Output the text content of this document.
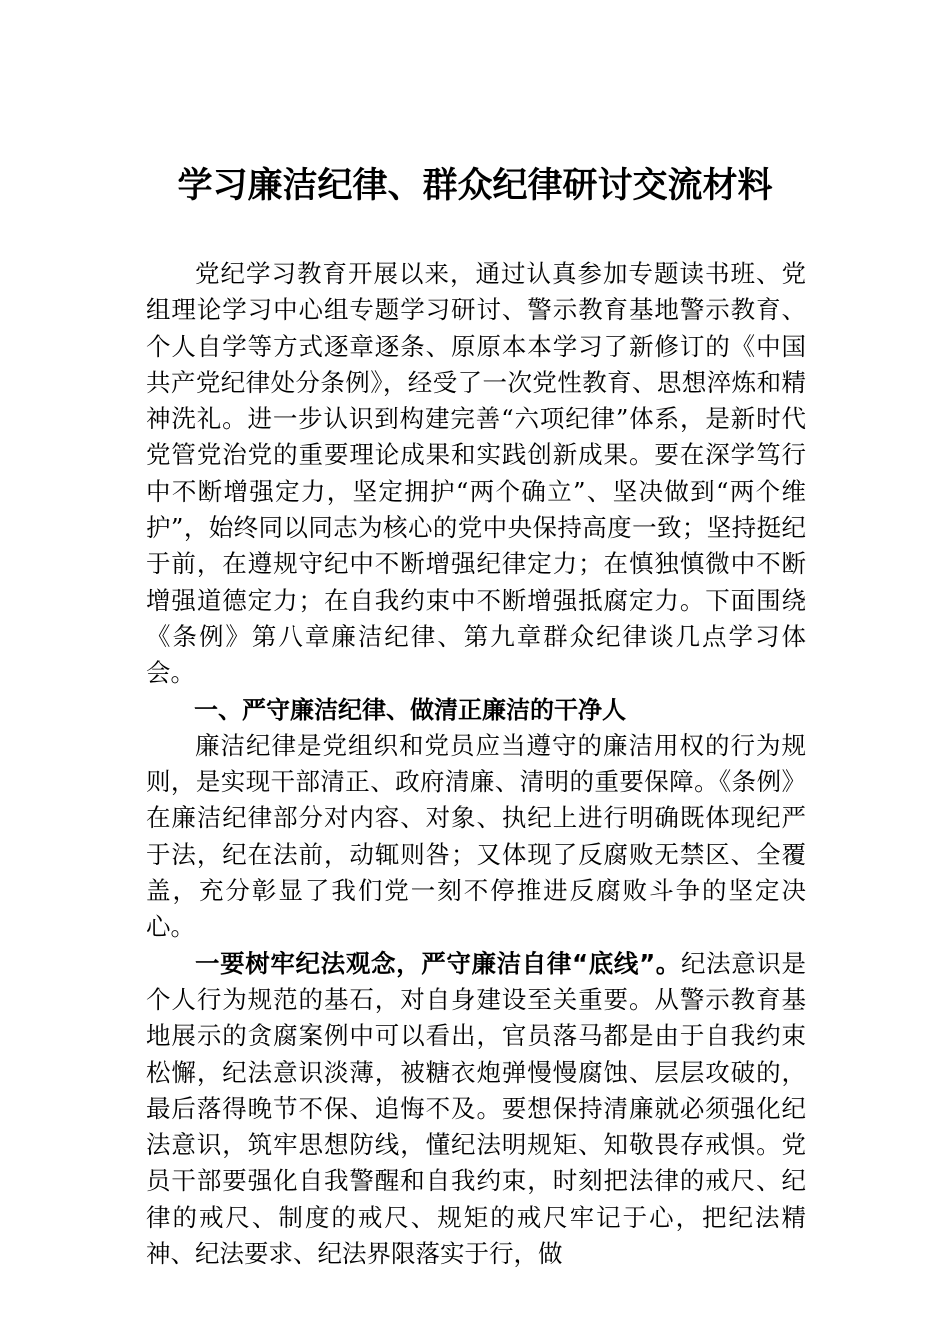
学习廉洁纪律、群众纪律研讨交流材料

党纪学习教育开展以来，通过认真参加专题读书班、党组理论学习中心组专题学习研讨、警示教育基地警示教育、个人自学等方式逐章逐条、原原本本学习了新修订的《中国共产党纪律处分条例》，经受了一次党性教育、思想淬炼和精神洗礼。进一步认识到构建完善“六项纪律”体系，是新时代党管党治党的重要理论成果和实践创新成果。要在深学笃行中不断增强定力，坚定拥护“两个确立”、坚决做到“两个维护”，始终同以同志为核心的党中央保持高度一致；坚持挺纪于前，在遵规守纪中不断增强纪律定力；在慎独慎微中不断增强道德定力；在自我约束中不断增强抵腐定力。下面围绕《条例》第八章廉洁纪律、第九章群众纪律谈几点学习体会。

一、严守廉洁纪律、做清正廉洁的干净人

廉洁纪律是党组织和党员应当遵守的廉洁用权的行为规则，是实现干部清正、政府清廉、清明的重要保障。《条例》在廉洁纪律部分对内容、对象、执纪上进行明确既体现纪严于法，纪在法前，动辄则咎；又体现了反腐败无禁区、全覆盖，充分彰显了我们党一刻不停推进反腐败斗争的坚定决心。

一要树牢纪法观念，严守廉洁自律“底线”。纪法意识是个人行为规范的基石，对自身建设至关重要。从警示教育基地展示的贪腐案例中可以看出，官员落马都是由于自我约束松懈，纪法意识淡薄，被糖衣炮弹慢慢腐蚀、层层攻破的，最后落得晚节不保、追悔不及。要想保持清廉就必须强化纪法意识，筑牢思想防线，懂纪法明规矩、知敬畏存戒惧。党员干部要强化自我警醒和自我约束，时刻把法律的戒尺、纪律的戒尺、制度的戒尺、规矩的戒尺牢记于心，把纪法精神、纪法要求、纪法界限落实于行，做
